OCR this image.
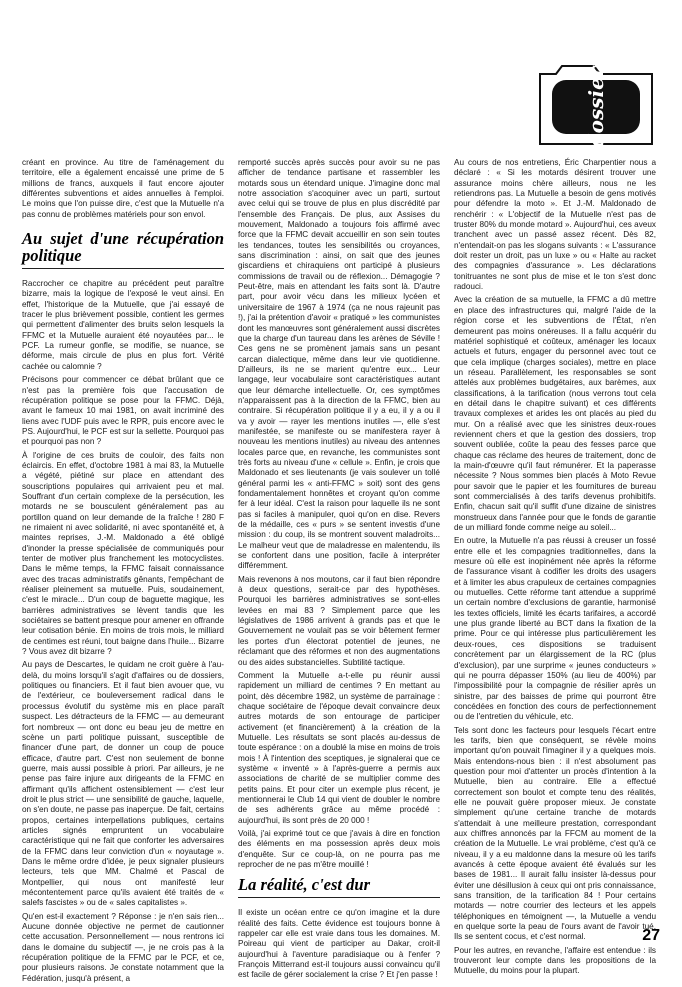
dossier

créant en province. Au titre de l'aménagement du territoire, elle a également encaissé une prime de 5 millions de francs, auxquels il faut encore ajouter différentes subventions et aides annuelles à l'emploi. Le moins que l'on puisse dire, c'est que la Mutuelle n'a pas connu de problèmes matériels pour son envol.

Au sujet d'une récupération politique

Raccrocher ce chapitre au précédent peut paraître bizarre, mais la logique de l'exposé le veut ainsi. En effet, l'historique de la Mutuelle, que j'ai essayé de tracer le plus brièvement possible, contient les germes qui permettent d'alimenter des bruits selon lesquels la FFMC et la Mutuelle auraient été noyautées par... le PCF. La rumeur gonfle, se modifie, se nuance, se déforme, mais circule de plus en plus fort. Vérité cachée ou calomnie ?

Précisons pour commencer ce débat brûlant que ce n'est pas la première fois que l'accusation de récupération politique se pose pour la FFMC. Déjà, avant le fameux 10 mai 1981, on avait incriminé des liens avec l'UDF puis avec le RPR, puis encore avec le PS. Aujourd'hui, le PCF est sur la sellette. Pourquoi pas et pourquoi pas non ?

À l'origine de ces bruits de couloir, des faits non éclaircis. En effet, d'octobre 1981 à mai 83, la Mutuelle a végété, piétiné sur place en attendant des souscriptions populaires qui arrivaient peu et mal. Souffrant d'un certain complexe de la persécution, les motards ne se bousculent généralement pas au portillon quand on leur demande de la fraîche ! 280 F ne rimaient ni avec solidarité, ni avec spontanéité et, à maintes reprises, J.-M. Maldonado a été obligé d'inonder la presse spécialisée de communiqués pour tenter de motiver plus franchement les motocyclistes. Dans le même temps, la FFMC faisait connaissance avec des tracas administratifs gênants, l'empêchant de réaliser pleinement sa mutuelle. Puis, soudainement, c'est le miracle... D'un coup de baguette magique, les barrières administratives se lèvent tandis que les sociétaires se battent presque pour amener en offrande leur cotisation bénie. En moins de trois mois, le milliard de centimes est réuni, tout baigne dans l'huile... Bizarre ? Vous avez dit bizarre ?

Au pays de Descartes, le quidam ne croit guère à l'au-delà, du moins lorsqu'il s'agit d'affaires ou de dossiers, politiques ou financiers. Et il faut bien avouer que, vu de l'extérieur, ce bouleversement radical dans le processus évolutif du système mis en place paraît suspect. Les détracteurs de la FFMC — au demeurant fort nombreux — ont donc eu beau jeu de mettre en scène un parti politique puissant, susceptible de financer d'une part, de donner un coup de pouce efficace, d'autre part. C'est non seulement de bonne guerre, mais aussi possible à priori. Par ailleurs, je ne pense pas faire injure aux dirigeants de la FFMC en affirmant qu'ils affichent ostensiblement — c'est leur droit le plus strict — une sensibilité de gauche, laquelle, on s'en doute, ne passe pas inaperçue. De fait, certains propos, certaines interpellations publiques, certains articles signés empruntent un vocabulaire caractéristique qui ne fait que conforter les adversaires de la FFMC dans leur conviction d'un « noyautage ». Dans le même ordre d'idée, je peux signaler plusieurs lecteurs, tels que MM. Chalmé et Pascal de Montpellier, qui nous ont manifesté leur mécontentement parce qu'ils avaient été traités de « salefs fascistes » ou de « sales capitalistes ».

Qu'en est-il exactement ? Réponse : je n'en sais rien... Aucune donnée objective ne permet de cautionner cette accusation. Personnellement — nous rentrons ici dans le domaine du subjectif —, je ne crois pas à la récupération politique de la FFMC par le PCF, et ce, pour plusieurs raisons. Je constate notamment que la Fédération, jusqu'à présent, a

remporté succès après succès pour avoir su ne pas afficher de tendance partisane et rassembler les motards sous un étendard unique. J'imagine donc mal notre association s'acoquiner avec un parti, surtout avec celui qui se trouve de plus en plus discrédité par l'ensemble des Français. De plus, aux Assises du mouvement, Maldonado a toujours fois affirmé avec force que la FFMC devait accueillir en son sein toutes les tendances, toutes les sensibilités ou croyances, sans discrimination : ainsi, on sait que des jeunes giscardiens et chiraquiens ont participé à plusieurs commissions de travail ou de réflexion... Démagogie ? Peut-être, mais en attendant les faits sont là. D'autre part, pour avoir vécu dans les milieux lycéen et universitaire de 1967 à 1974 (ça ne nous rajeunit pas !), j'ai la prétention d'avoir « pratiqué » les communistes dont les manœuvres sont généralement aussi discrètes que la charge d'un taureau dans les arènes de Séville ! Ces gens ne se promènent jamais sans un pesant carcan dialectique, même dans leur vie quotidienne. D'ailleurs, ils ne se marient qu'entre eux... Leur langage, leur vocabulaire sont caractéristiques autant que leur démarche intellectuelle. Or, ces symptômes n'apparaissent pas à la direction de la FFMC, bien au contraire. Si récupération politique il y a eu, il y a ou il va y avoir — rayer les mentions inutiles —, elle s'est manifestée, se manifeste ou se manifestera rayer à nouveau les mentions inutiles) au niveau des antennes locales parce que, en revanche, les communistes sont très forts au niveau d'une « cellule ». Enfin, je crois que Maldonado et ses lieutenants (je vais soulever un tollé général parmi les « anti-FFMC » soit) sont des gens fondamentalement honnêtes et croyant qu'on comme fer à leur idéal. C'est la raison pour laquelle ils ne sont pas si faciles à manipuler, quoi qu'on en dise. Revers de la médaille, ces « purs » se sentent investis d'une mission : du coup, ils se montrent souvent maladroits... Le malheur veut que de maladresse en malentendu, ils se confortent dans une position, facile à interpréter différemment.

Mais revenons à nos moutons, car il faut bien répondre à deux questions, serait-ce par des hypothèses. Pourquoi les barrières administratives se sont-elles levées en mai 83 ? Simplement parce que les législatives de 1986 arrivent à grands pas et que le Gouvernement ne voulait pas se voir bêtement fermer les portes d'un électorat potentiel de jeunes, ne réclamant que des réformes et non des augmentations ou des aides substancielles. Subtilité tactique.

Comment la Mutuelle a-t-elle pu réunir aussi rapidement un milliard de centimes ? En mettant au point, dès décembre 1982, un système de parrainage : chaque sociétaire de l'époque devait convaincre deux autres motards de son entourage de participer activement (et financièrement) à la création de la Mutuelle. Les résultats se sont placés au-dessus de toute espérance : on a doublé la mise en moins de trois mois ! À l'intention des sceptiques, je signalerai que ce système « inventé » à l'après-guerre a permis aux associations de charité de se multiplier comme des petits pains. Et pour citer un exemple plus récent, je mentionnerai le Club 14 qui vient de doubler le nombre de ses adhérents grâce au même procédé : aujourd'hui, ils sont près de 20 000 !

Voilà, j'ai exprimé tout ce que j'avais à dire en fonction des éléments en ma possession après deux mois d'enquête. Sur ce coup-là, on ne pourra pas me reprocher de ne pas m'être mouillé !

La réalité, c'est dur

Il existe un océan entre ce qu'on imagine et la dure réalité des faits. Cette évidence est toujours bonne à rappeler car elle est vraie dans tous les domaines. M. Poireau qui vient de participer au Dakar, croit-il aujourd'hui à l'aventure paradisiaque ou à l'enfer ? François Mitterrand est-il toujours aussi convaincu qu'il est facile de gérer socialement la crise ? Et j'en passe !

Au cours de nos entretiens, Éric Charpentier nous a déclaré : « Si les motards désirent trouver une assurance moins chère ailleurs, nous ne les retiendrons pas. La Mutuelle a besoin de gens motivés pour défendre la moto ». Et J.-M. Maldonado de renchérir : « L'objectif de la Mutuelle n'est pas de truster 80% du monde motard ». Aujourd'hui, ces aveux tranchent avec un passé assez récent. Dès 82, n'entendait-on pas les slogans suivants : « L'assurance doit rester un droit, pas un luxe » ou « Halte au racket des compagnies d'assurance ». Les déclarations tonitruantes ne sont plus de mise et le ton s'est donc radouci.

Avec la création de sa mutuelle, la FFMC a dû mettre en place des infrastructures qui, malgré l'aide de la région corse et les subventions de l'État, n'en demeurent pas moins onéreuses. Il a fallu acquérir du matériel sophistiqué et coûteux, aménager les locaux actuels et futurs, engager du personnel avec tout ce que cela implique (charges sociales), mettre en place un réseau. Parallèlement, les responsables se sont attelés aux problèmes budgétaires, aux barèmes, aux classifications, à la tarification (nous verrons tout cela en détail dans le chapitre suivant) et ces différents travaux complexes et arides les ont placés au pied du mur. On a réalisé avec que les sinistres deux-roues reviennent chers et que la gestion des dossiers, trop souvent oubliée, coûte la peau des fesses parce que chaque cas réclame des heures de traitement, donc de la main-d'œuvre qu'il faut rémunérer. Et la paperasse nécessite ? Nous sommes bien placés à Moto Revue pour savoir que le papier et les fournitures de bureau sont commercialisés à des tarifs devenus prohibitifs. Enfin, chacun sait qu'il suffit d'une dizaine de sinistres monstrueux dans l'année pour que le fonds de garantie de un milliard fonde comme neige au soleil...

En outre, la Mutuelle n'a pas réussi à creuser un fossé entre elle et les compagnies traditionnelles, dans la mesure où elle est inopinément née après la réforme de l'assurance visant à codifier les droits des usagers et à limiter les abus crapuleux de certaines compagnies ou mutuelles. Cette réforme tant attendue a supprimé un certain nombre d'exclusions de garantie, harmonisé les textes officiels, limité les écarts tarifaires, a accordé une plus grande liberté au BCT dans la fixation de la prime. Pour ce qui intéresse plus particulièrement les deux-roues, ces dispositions se traduisent concrètement par un élargissement de la RC (plus d'exclusion), par une surprime « jeunes conducteurs » qui ne pourra dépasser 150% (au lieu de 400%) par l'impossibilité pour la compagnie de résilier après un sinistre, par des baisses de prime qui pourront être concédées en fonction des cours de perfectionnement ou de l'entretien du véhicule, etc.

Tels sont donc les facteurs pour lesquels l'écart entre les tarifs, bien que conséquent, se révèle moins important qu'on pouvait l'imaginer il y a quelques mois. Mais entendons-nous bien : il n'est absolument pas question pour moi d'attenter un procès d'intention à la Mutuelle, bien au contraire. Elle a effectué correctement son boulot et compte tenu des réalités, elle ne pouvait guère proposer mieux. Je constate simplement qu'une certaine tranche de motards s'attendait à une meilleure prestation, correspondant aux chiffres annoncés par la FFCM au moment de la création de la Mutuelle. Le vrai problème, c'est qu'à ce niveau, il y a eu maldonne dans la mesure où les tarifs avancés à cette époque avaient été évalués sur les bases de 1981... Il aurait fallu insister là-dessus pour éviter une désillusion à ceux qui ont pris connaissance, sans transition, de la tarification 84 ! Pour certains motards — notre courrier des lecteurs et les appels téléphoniques en témoignent —, la Mutuelle a vendu en quelque sorte la peau de l'ours avant de l'avoir tué. Ils se sentent cocus, et c'est normal.

Pour les autres, en revanche, l'affaire est entendue : ils trouveront leur compte dans les propositions de la Mutuelle, du moins pour la plupart.

27
